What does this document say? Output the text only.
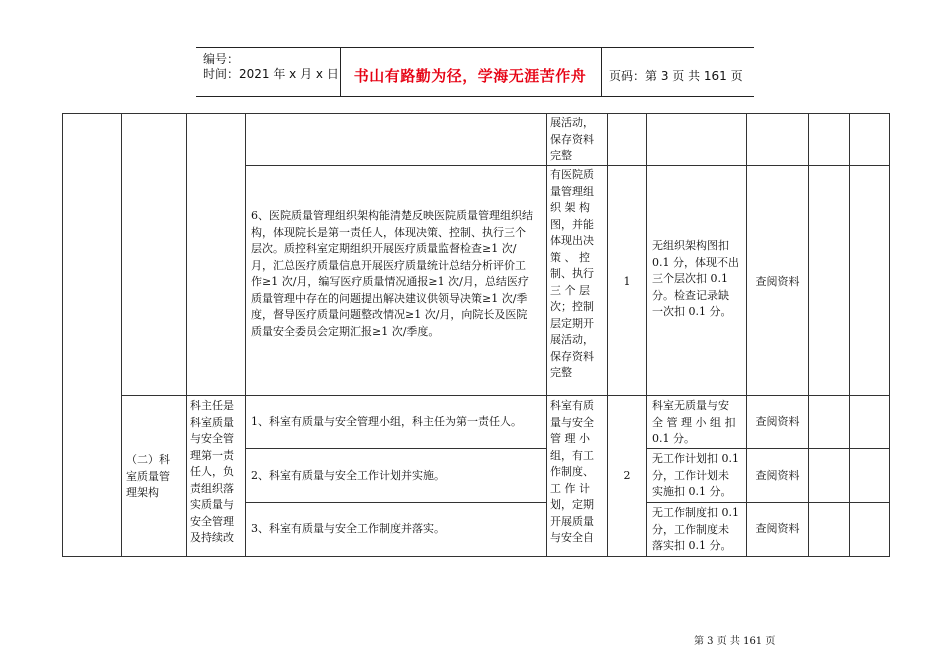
编号：
时间：2021 年 x 月 x 日 书山有路勤为径，学海无涯苦作舟	页码：第 3 页 共 161 页
展活动，
保存资料
完整
6、医院质量管理组织架构能清楚反映医院质量管理组织结
构，体现院长是第一责任人，体现决策、控制、执行三个
层次。质控科室定期组织开展医疗质量监督检查≥1 次/
月，汇总医疗质量信息开展医疗质量统计总结分析评价工
作≥1 次/月，编写医疗质量情况通报≥1 次/月，总结医疗
质量管理中存在的问题提出解决建议供领导决策≥1 次/季
度，督导医疗质量问题整改情况≥1 次/月，向院长及医院
质量安全委员会定期汇报≥1 次/季度。
有医院质
量管理组
织 架 构
图，并能
体现出决
策 、 控
制、执行
三 个 层
次；控制
层定期开
展活动，
保存资料
完整
1
无组织架构图扣
0.1 分，体现不出
三个层次扣 0.1
分。检查记录缺
一次扣 0.1 分。
查阅资料
（二）科
室质量管
理架构
科主任是
科室质量
与安全管
理第一责
任人，负
责组织落
实质量与
安全管理
及持续改
科室有质
量与安全
管 理 小
组，有工
作制度、
工 作 计
划，定期
开展质量
与安全自
2
1、科室有质量与安全管理小组，科主任为第一责任人。
科室无质量与安
全 管 理 小 组 扣
0.1 分。
查阅资料
2、科室有质量与安全工作计划并实施。
无工作计划扣 0.1
分，工作计划未
实施扣 0.1 分。
查阅资料
3、科室有质量与安全工作制度并落实。
无工作制度扣 0.1
分，工作制度未
落实扣 0.1 分。
查阅资料
第 3 页 共 161 页
